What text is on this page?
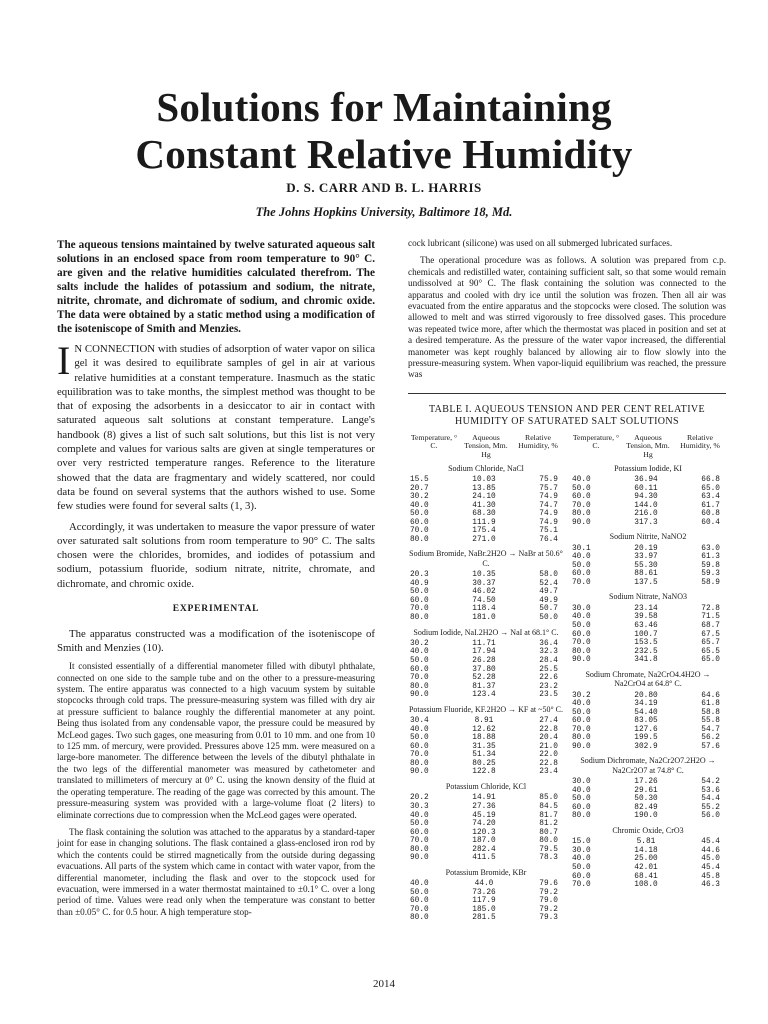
Solutions for Maintaining
Constant Relative Humidity
D. S. CARR AND B. L. HARRIS
The Johns Hopkins University, Baltimore 18, Md.

The aqueous tensions maintained by twelve saturated aqueous salt solutions in an enclosed space from room temperature to 90° C. are given and the relative humidities calculated therefrom. The salts include the halides of potassium and sodium, the nitrate, nitrite, chromate, and dichromate of sodium, and chromic oxide. The data were obtained by a static method using a modification of the isoteniscope of Smith and Menzies.

I N CONNECTION with studies of adsorption of water vapor on silica gel it was desired to equilibrate samples of gel in air at various relative humidities at a constant temperature. Inasmuch as the static equilibration was to take months, the simplest method was thought to be that of exposing the adsorbents in a desiccator to air in contact with saturated aqueous salt solutions at constant temperature. Lange's handbook (8) gives a list of such salt solutions, but this list is not very complete and values for various salts are given at single temperatures or over very restricted temperature ranges. Reference to the literature showed that the data are fragmentary and widely scattered, nor could data be found on several systems that the authors wished to use. Some few studies were found for several salts (1, 3).

Accordingly, it was undertaken to measure the vapor pressure of water over saturated salt solutions from room temperature to 90° C. The salts chosen were the chlorides, bromides, and iodides of potassium and sodium, potassium fluoride, sodium nitrate, nitrite, chromate, and dichromate, and chromic oxide.

EXPERIMENTAL

The apparatus constructed was a modification of the isoteniscope of Smith and Menzies (10).

It consisted essentially of a differential manometer filled with dibutyl phthalate, connected on one side to the sample tube and on the other to a pressure-measuring system. The entire apparatus was connected to a high vacuum system by suitable stopcocks through cold traps. The pressure-measuring system was filled with dry air at pressure sufficient to balance roughly the differential manometer at any point. Being thus isolated from any condensable vapor, the pressure could be measured by McLeod gages. Two such gages, one measuring from 0.01 to 10 mm. and one from 10 to 125 mm. of mercury, were provided. Pressures above 125 mm. were measured on a large-bore manometer. The difference between the levels of the dibutyl phthalate in the two legs of the differential manometer was measured by cathetometer and translated to millimeters of mercury at 0° C. using the known density of the fluid at the operating temperature. The reading of the gage was corrected by this amount. The pressure-measuring system was provided with a large-volume float (2 liters) to eliminate corrections due to compression when the McLeod gages were operated.

The flask containing the solution was attached to the apparatus by a standard-taper joint for ease in changing solutions. The flask contained a glass-enclosed iron rod by which the contents could be stirred magnetically from the outside during degassing evacuations. All parts of the system which came in contact with water vapor, from the differential manometer, including the flask and over to the stopcock used for evacuation, were immersed in a water thermostat maintained to ±0.1° C. over a long period of time. Values were read only when the temperature was constant to better than ±0.05° C. for 0.5 hour. A high temperature stop-

cock lubricant (silicone) was used on all submerged lubricated surfaces.

The operational procedure was as follows. A solution was prepared from c.p. chemicals and redistilled water, containing sufficient salt, so that some would remain undissolved at 90° C. The flask containing the solution was connected to the apparatus and cooled with dry ice until the solution was frozen. Then all air was evacuated from the entire apparatus and the stopcocks were closed. The solution was allowed to melt and was stirred vigorously to free dissolved gases. This procedure was repeated twice more, after which the thermostat was placed in position and set at a desired temperature. As the pressure of the water vapor increased, the differential manometer was kept roughly balanced by allowing air to flow slowly into the pressure-measuring system. When vapor-liquid equilibrium was reached, the pressure was

TABLE I. AQUEOUS TENSION AND PER CENT RELATIVE
HUMIDITY OF SATURATED SALT SOLUTIONS
Temperature, ° C.
Aqueous Tension, Mm. Hg
Relative Humidity, %
Sodium Chloride, NaCl
15.5	10.03	75.9
20.7	13.85	75.7
30.2	24.10	74.9
40.0	41.30	74.7
50.0	68.30	74.9
60.0	111.9	74.9
70.0	175.4	75.1
80.0	271.0	76.4
Sodium Bromide, NaBr.2H2O → NaBr at 50.6° C.
20.3	10.35	58.0
40.9	30.37	52.4
50.0	46.02	49.7
60.0	74.50	49.9
70.0	118.4	50.7
80.0	181.0	50.0
Sodium Iodide, NaI.2H2O → NaI at 68.1° C.
30.2	11.71	36.4
40.0	17.94	32.3
50.0	26.28	28.4
60.0	37.80	25.5
70.0	52.28	22.6
80.0	81.37	23.2
90.0	123.4	23.5
Potassium Fluoride, KF.2H2O → KF at ~50° C.
30.4	8.91	27.4
40.0	12.62	22.8
50.0	18.88	20.4
60.0	31.35	21.0
70.0	51.34	22.0
80.0	80.25	22.8
90.0	122.8	23.4
Potassium Chloride, KCl
20.2	14.91	85.0
30.3	27.36	84.5
40.0	45.19	81.7
50.0	74.20	81.2
60.0	120.3	80.7
70.0	187.0	80.0
80.0	282.4	79.5
90.0	411.5	78.3
Potassium Bromide, KBr
40.0	44.0	79.6
50.0	73.26	79.2
60.0	117.9	79.0
70.0	185.0	79.2
80.0	281.5	79.3
Temperature, ° C.
Aqueous Tension, Mm. Hg
Relative Humidity, %
Potassium Iodide, KI
40.0	36.94	66.8
50.0	60.11	65.0
60.0	94.30	63.4
70.0	144.0	61.7
80.0	216.0	60.8
90.0	317.3	60.4
Sodium Nitrite, NaNO2
30.1	20.19	63.0
40.0	33.97	61.3
50.0	55.30	59.8
60.0	88.61	59.3
70.0	137.5	58.9
Sodium Nitrate, NaNO3
30.0	23.14	72.8
40.0	39.58	71.5
50.0	63.46	68.7
60.0	100.7	67.5
70.0	153.5	65.7
80.0	232.5	65.5
90.0	341.8	65.0
Sodium Chromate, Na2CrO4.4H2O → Na2CrO4 at 64.8° C.
30.2	20.80	64.6
40.0	34.19	61.8
50.0	54.40	58.8
60.0	83.05	55.8
70.0	127.6	54.7
80.0	199.5	56.2
90.0	302.9	57.6
Sodium Dichromate, Na2Cr2O7.2H2O → Na2Cr2O7 at 74.8° C.
30.0	17.26	54.2
40.0	29.61	53.6
50.0	50.30	54.4
60.0	82.49	55.2
80.0	190.0	56.0
Chromic Oxide, CrO3
15.0	5.81	45.4
30.0	14.18	44.6
40.0	25.00	45.0
50.0	42.01	45.4
60.0	68.41	45.8
70.0	108.0	46.3
2014
